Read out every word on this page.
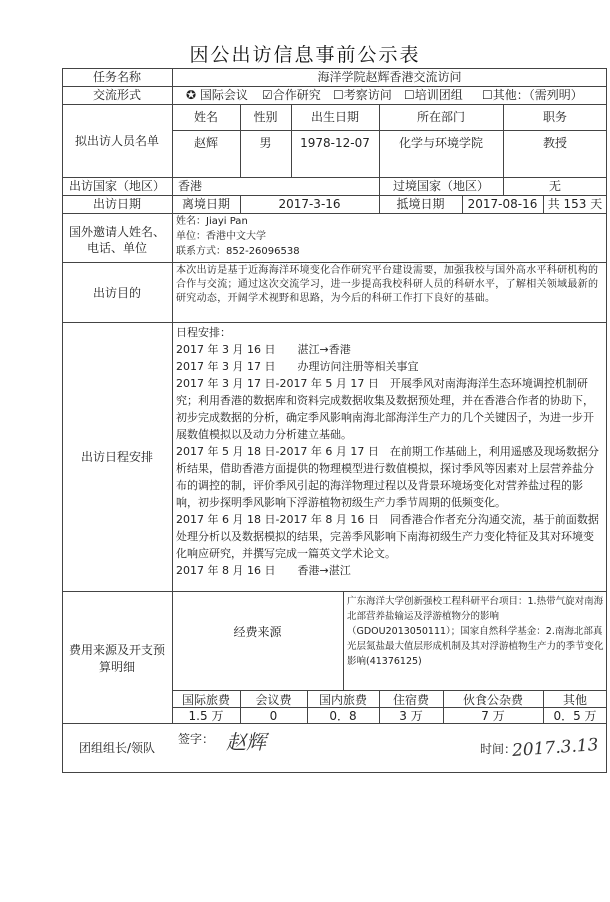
因公出访信息事前公示表
任务名称	海洋学院赵辉香港交流访问
交流形式	✪ 国际会议 ☑合作研究 ☐考察访问 ☐培训团组 ☐其他：（需列明）
拟出访人员名单
姓名	性别	出生日期	所在部门	职务
赵辉	男	1978-12-07	化学与环境学院	教授
出访国家（地区）	香港	过境国家（地区）	无
出访日期	离境日期	2017-3-16	抵境日期	2017-08-16 共 153 天
国外邀请人姓名、电话、单位
姓名：Jiayi Pan
单位：香港中文大学
联系方式：852-26096538
出访目的
本次出访是基于近海海洋环境变化合作研究平台建设需要，加强我校与国外高水平科研机构的合作与交流；通过这次交流学习，进一步提高我校科研人员的科研水平，了解相关领域最新的研究动态，开阔学术视野和思路，为今后的科研工作打下良好的基础。
出访日程安排
日程安排：
2017 年 3 月 16 日　　湛江→香港
2017 年 3 月 17 日　　办理访问注册等相关事宜
2017 年 3 月 17 日-2017 年 5 月 17 日　开展季风对南海海洋生态环境调控机制研究；利用香港的数据库和资料完成数据收集及数据预处理，并在香港合作者的协助下，初步完成数据的分析，确定季风影响南海北部海洋生产力的几个关键因子，为进一步开展数值模拟以及动力分析建立基础。
2017 年 5 月 18 日-2017 年 6 月 17 日　在前期工作基础上，利用遥感及现场数据分析结果，借助香港方面提供的物理模型进行数值模拟，探讨季风等因素对上层营养盐分布的调控的制，评价季风引起的海洋物理过程以及背景环境场变化对营养盐过程的影响，初步探明季风影响下浮游植物初级生产力季节周期的低频变化。
2017 年 6 月 18 日-2017 年 8 月 16 日　同香港合作者充分沟通交流，基于前面数据处理分析以及数据模拟的结果，完善季风影响下南海初级生产力变化特征及其对环境变化响应研究，并撰写完成一篇英文学术论文。
2017 年 8 月 16 日　　香港→湛江
费用来源及开支预算明细
经费来源
广东海洋大学创新强校工程科研平台项目：1.热带气旋对南海北部营养盐输运及浮游植物分的影响（GDOU2013050111）；国家自然科学基金：2.南海北部真光层氮盐最大值层形成机制及其对浮游植物生产力的季节变化影响(41376125)
国际旅费	会议费	国内旅费	住宿费	伙食公杂费	其他
1.5 万	0	0．8	3 万	7 万	0．5 万
团组组长/领队
签字： 赵辉	时间：
2017.3.13
